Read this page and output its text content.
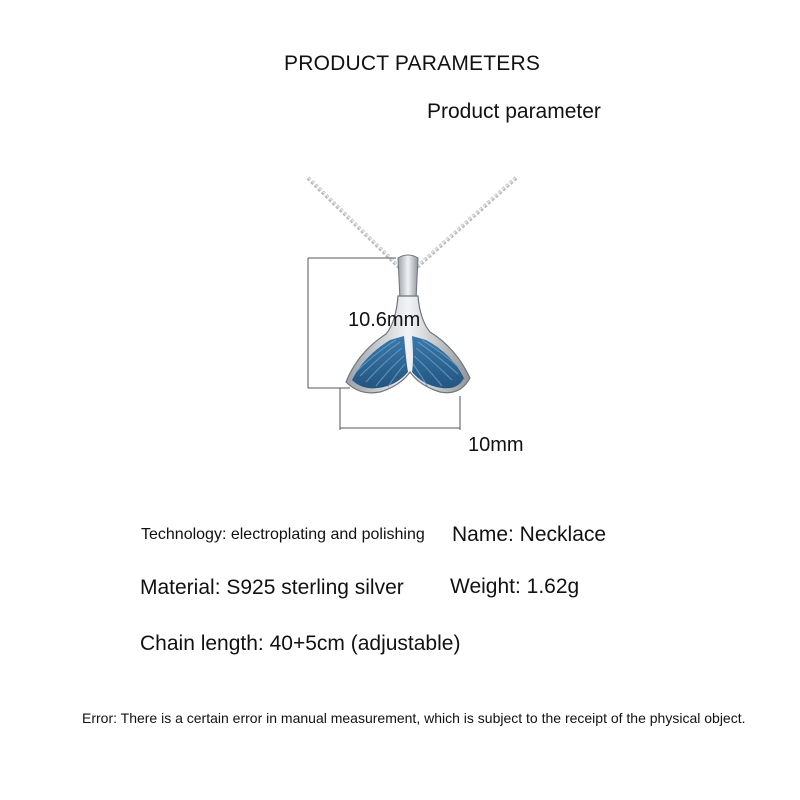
PRODUCT PARAMETERS
Product parameter
10.6mm
10mm
Technology: electroplating and polishing Name: Necklace
Material: S925 sterling silver Weight: 1.62g
Chain length: 40+5cm (adjustable)
Error: There is a certain error in manual measurement, which is subject to the receipt of the physical object.
